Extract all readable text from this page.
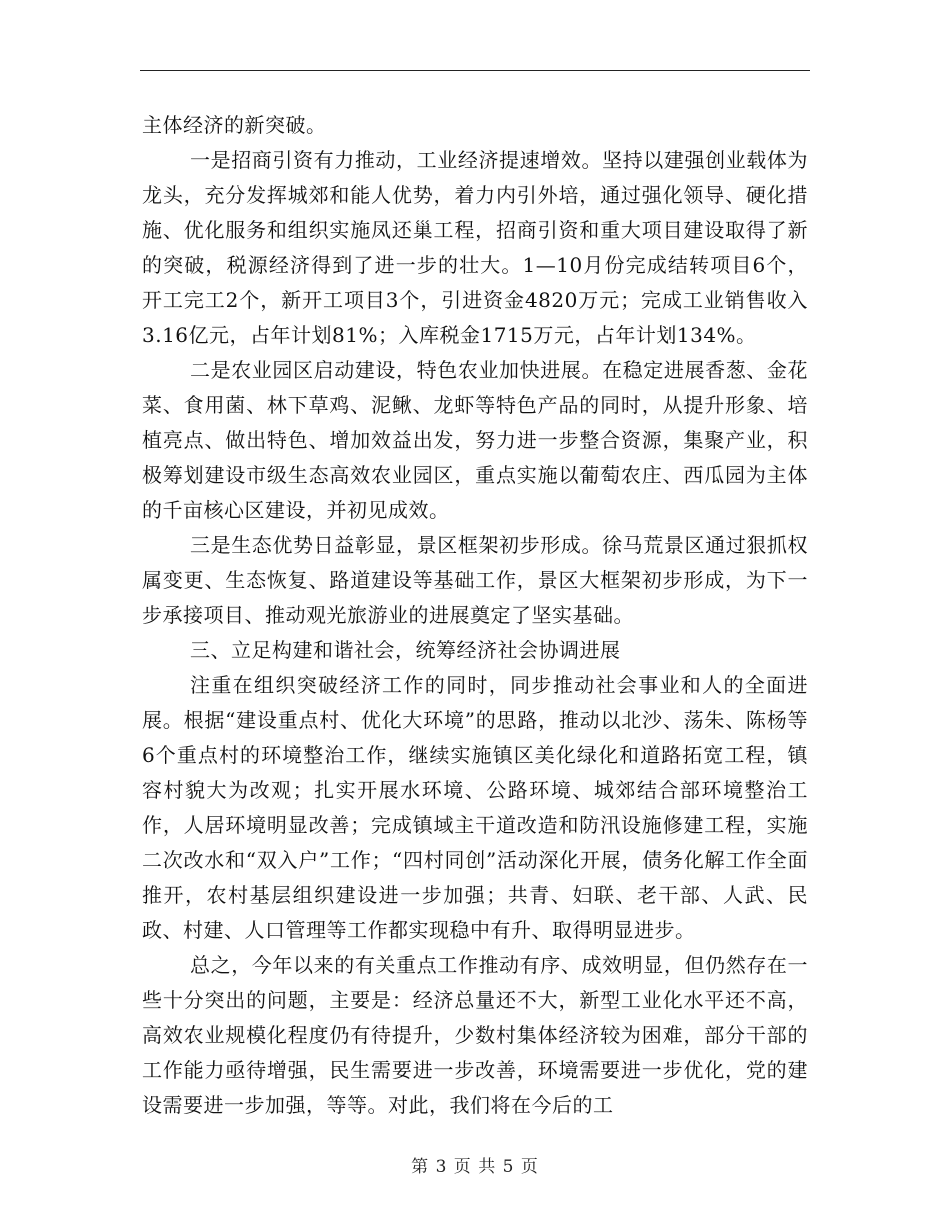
主体经济的新突破。

一是招商引资有力推动，工业经济提速增效。坚持以建强创业载体为龙头，充分发挥城郊和能人优势，着力内引外培，通过强化领导、硬化措施、优化服务和组织实施凤还巢工程，招商引资和重大项目建设取得了新的突破，税源经济得到了进一步的壮大。1—10月份完成结转项目6个，开工完工2个，新开工项目3个，引进资金4820万元；完成工业销售收入3.16亿元，占年计划81%；入库税金1715万元，占年计划134%。

二是农业园区启动建设，特色农业加快进展。在稳定进展香葱、金花菜、食用菌、林下草鸡、泥鳅、龙虾等特色产品的同时，从提升形象、培植亮点、做出特色、增加效益出发，努力进一步整合资源，集聚产业，积极筹划建设市级生态高效农业园区，重点实施以葡萄农庄、西瓜园为主体的千亩核心区建设，并初见成效。

三是生态优势日益彰显，景区框架初步形成。徐马荒景区通过狠抓权属变更、生态恢复、路道建设等基础工作，景区大框架初步形成，为下一步承接项目、推动观光旅游业的进展奠定了坚实基础。

三、立足构建和谐社会，统筹经济社会协调进展

注重在组织突破经济工作的同时，同步推动社会事业和人的全面进展。根据“建设重点村、优化大环境”的思路，推动以北沙、荡朱、陈杨等6个重点村的环境整治工作，继续实施镇区美化绿化和道路拓宽工程，镇容村貌大为改观；扎实开展水环境、公路环境、城郊结合部环境整治工作，人居环境明显改善；完成镇域主干道改造和防汛设施修建工程，实施二次改水和“双入户”工作；“四村同创”活动深化开展，债务化解工作全面推开，农村基层组织建设进一步加强；共青、妇联、老干部、人武、民政、村建、人口管理等工作都实现稳中有升、取得明显进步。

总之，今年以来的有关重点工作推动有序、成效明显，但仍然存在一些十分突出的问题，主要是：经济总量还不大，新型工业化水平还不高，高效农业规模化程度仍有待提升，少数村集体经济较为困难，部分干部的工作能力亟待增强，民生需要进一步改善，环境需要进一步优化，党的建设需要进一步加强，等等。对此，我们将在今后的工

第 3 页 共 5 页
